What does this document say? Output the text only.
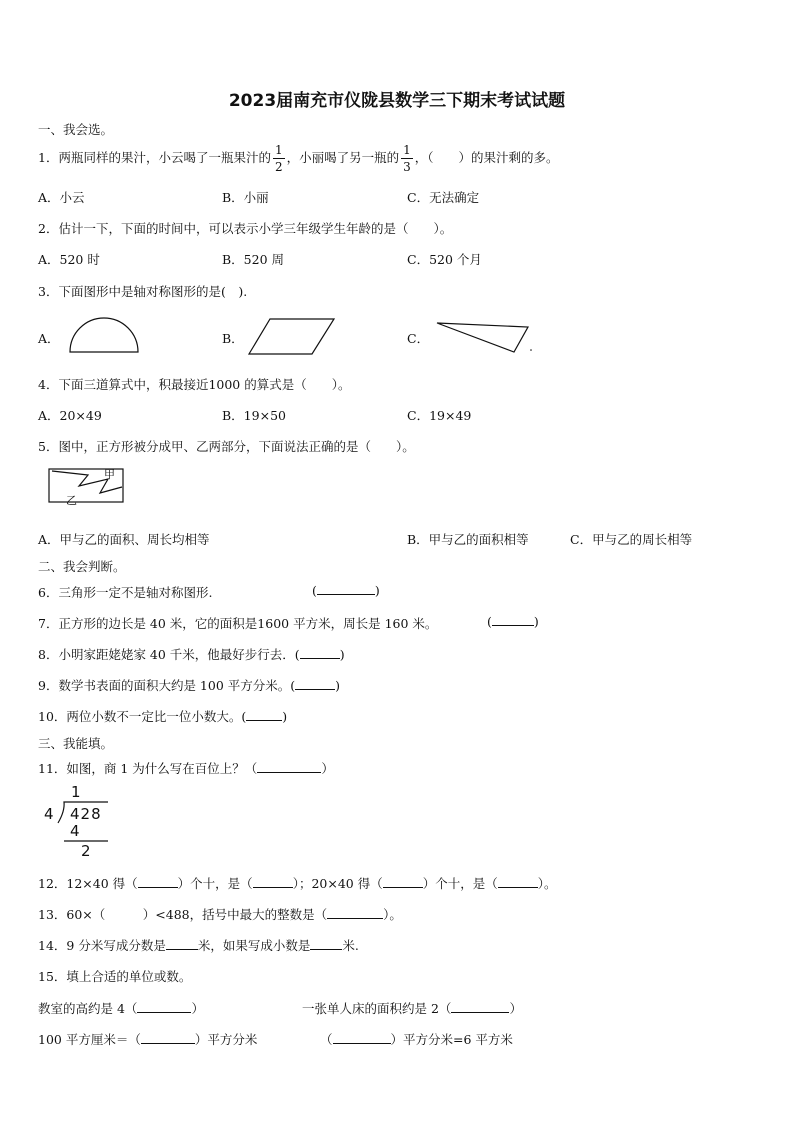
2023届南充市仪陇县数学三下期末考试试题
一、我会选。
1．两瓶同样的果汁，小云喝了一瓶果汁的 $\frac{1}{2}$ ，小丽喝了另一瓶的 $\frac{1}{3}$ ，（　　）的果汁剩的多。
A．小云	B．小丽	C．无法确定
2．估计一下，下面的时间中，可以表示小学三年级学生年龄的是（　　）。
A．520 时	B．520 周	C．520 个月
3．下面图形中是轴对称图形的是(　).
A．	B．	C．
4．下面三道算式中，积最接近1000 的算式是（　　）。
A．20×49	B．19×50	C．19×49
5．图中，正方形被分成甲、乙两部分，下面说法正确的是（　　）。
甲
乙
A．甲与乙的面积、周长均相等	B．甲与乙的面积相等	C．甲与乙的周长相等
二、我会判断。
6．三角形一定不是轴对称图形.	(	)
7．正方形的边长是 40 米，它的面积是1600 平方米，周长是 160 米。	(	)
8．小明家距姥姥家 40 千米，他最好步行去．(	)
9．数学书表面的面积大约是 100 平方分米。(	)
10．两位小数不一定比一位小数大。(	)
三、我能填。
11．如图，商 1 为什么写在百位上？（	）
1
4 428
4
2
12．12×40 得（	）个十，是（	）；20×40 得（	）个十，是（	）。
13．60×（　　　）<488，括号中最大的整数是（	）。
14．9 分米写成分数是	米，如果写成小数是	米.
15．填上合适的单位或数。
教室的高约是 4（	）	一张单人床的面积约是 2（	）
100 平方厘米＝（	）平方分米	（	）平方分米=6 平方米
